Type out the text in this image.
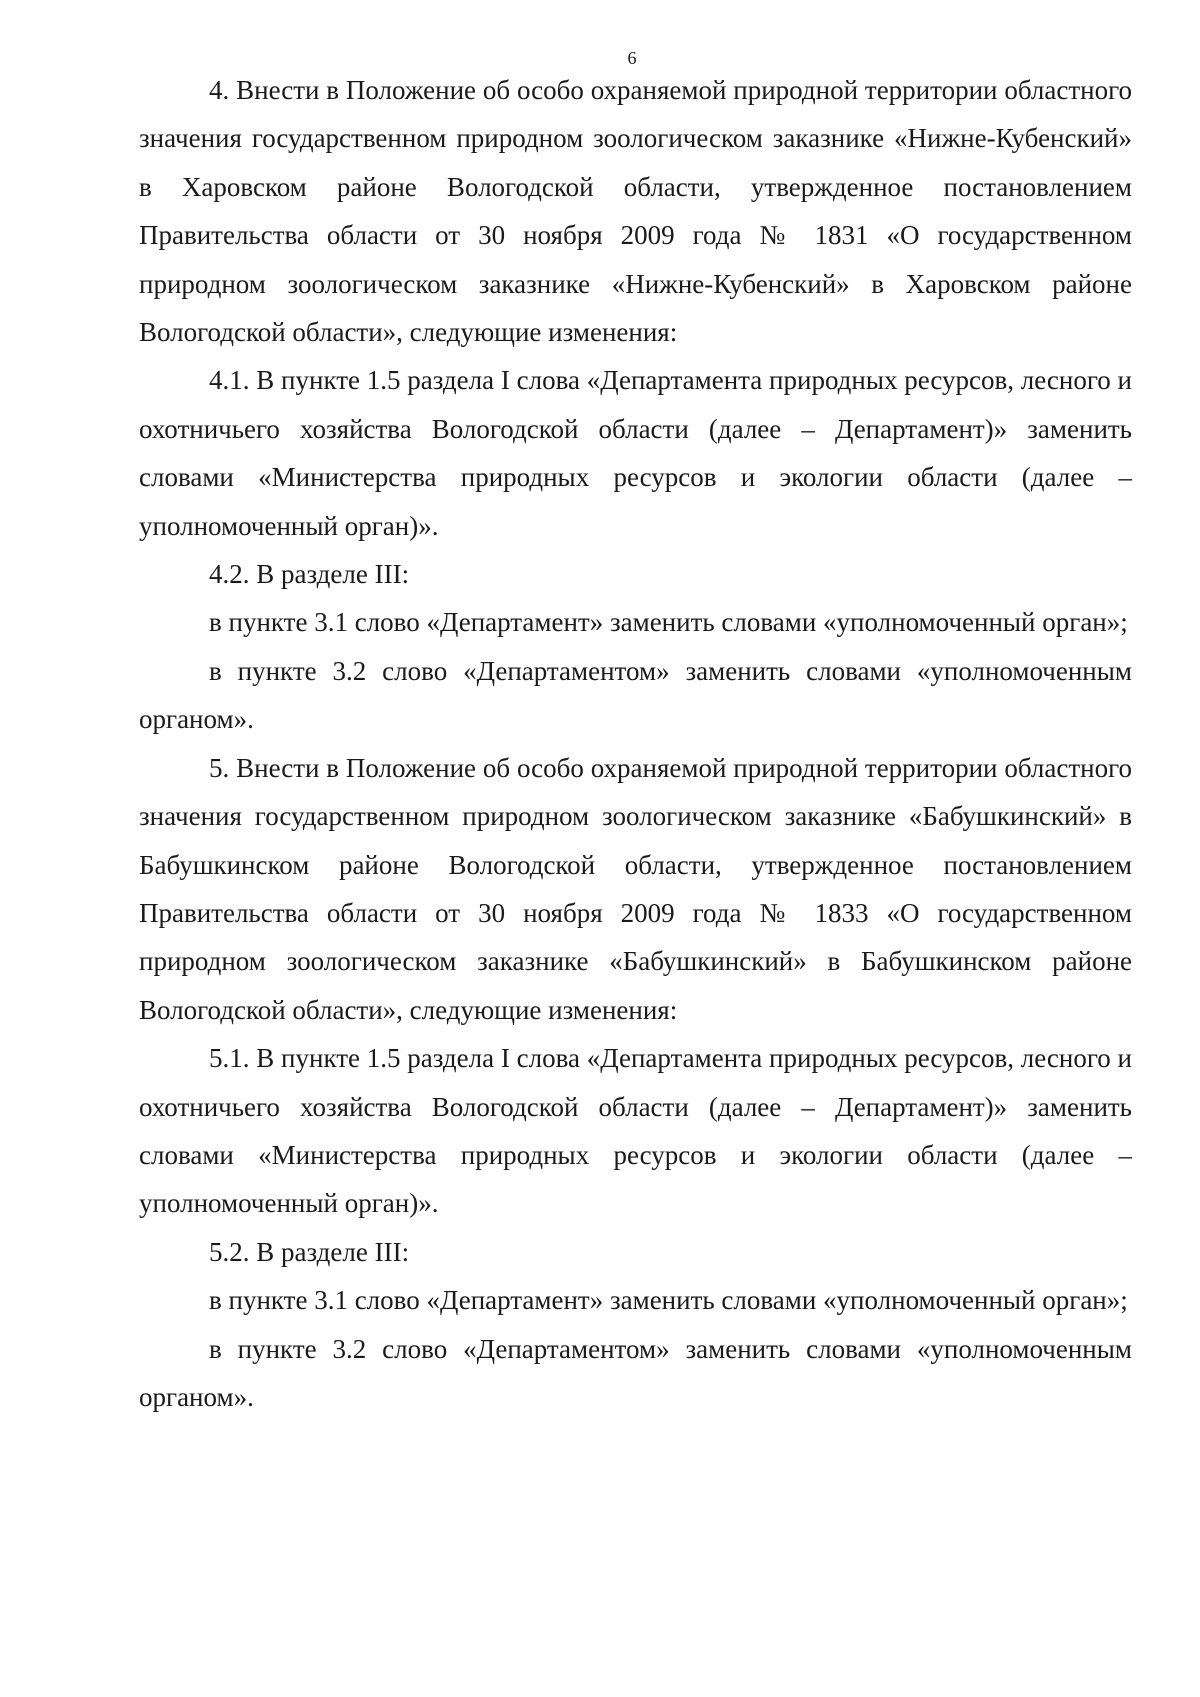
6

4. Внести в Положение об особо охраняемой природной территории областного значения государственном природном зоологическом заказнике «Нижне-Кубенский» в Харовском районе Вологодской области, утвержденное постановлением Правительства области от 30 ноября 2009 года № 1831 «О государственном природном зоологическом заказнике «Нижне-Кубенский» в Харовском районе Вологодской области», следующие изменения:

4.1. В пункте 1.5 раздела I слова «Департамента природных ресурсов, лесного и охотничьего хозяйства Вологодской области (далее – Департамент)» заменить словами «Министерства природных ресурсов и экологии области (далее – уполномоченный орган)».

4.2. В разделе III:

в пункте 3.1 слово «Департамент» заменить словами «уполномоченный орган»;

в пункте 3.2 слово «Департаментом» заменить словами «уполномоченным органом».

5. Внести в Положение об особо охраняемой природной территории областного значения государственном природном зоологическом заказнике «Бабушкинский» в Бабушкинском районе Вологодской области, утвержденное постановлением Правительства области от 30 ноября 2009 года № 1833 «О государственном природном зоологическом заказнике «Бабушкинский» в Бабушкинском районе Вологодской области», следующие изменения:

5.1. В пункте 1.5 раздела I слова «Департамента природных ресурсов, лесного и охотничьего хозяйства Вологодской области (далее – Департамент)» заменить словами «Министерства природных ресурсов и экологии области (далее – уполномоченный орган)».

5.2. В разделе III:

в пункте 3.1 слово «Департамент» заменить словами «уполномоченный орган»;

в пункте 3.2 слово «Департаментом» заменить словами «уполномоченным органом».
